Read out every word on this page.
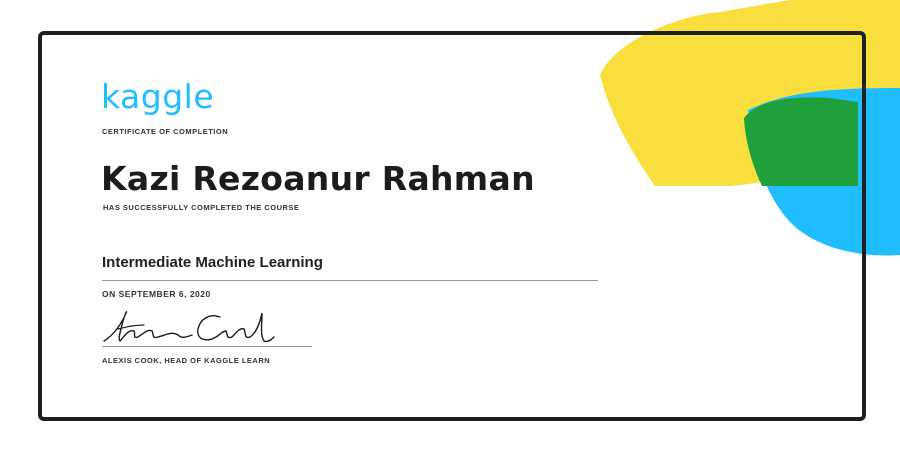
kaggle
CERTIFICATE OF COMPLETION
Kazi Rezoanur Rahman
HAS SUCCESSFULLY COMPLETED THE COURSE
Intermediate Machine Learning
ON SEPTEMBER 6, 2020
ALEXIS COOK, HEAD OF KAGGLE LEARN
